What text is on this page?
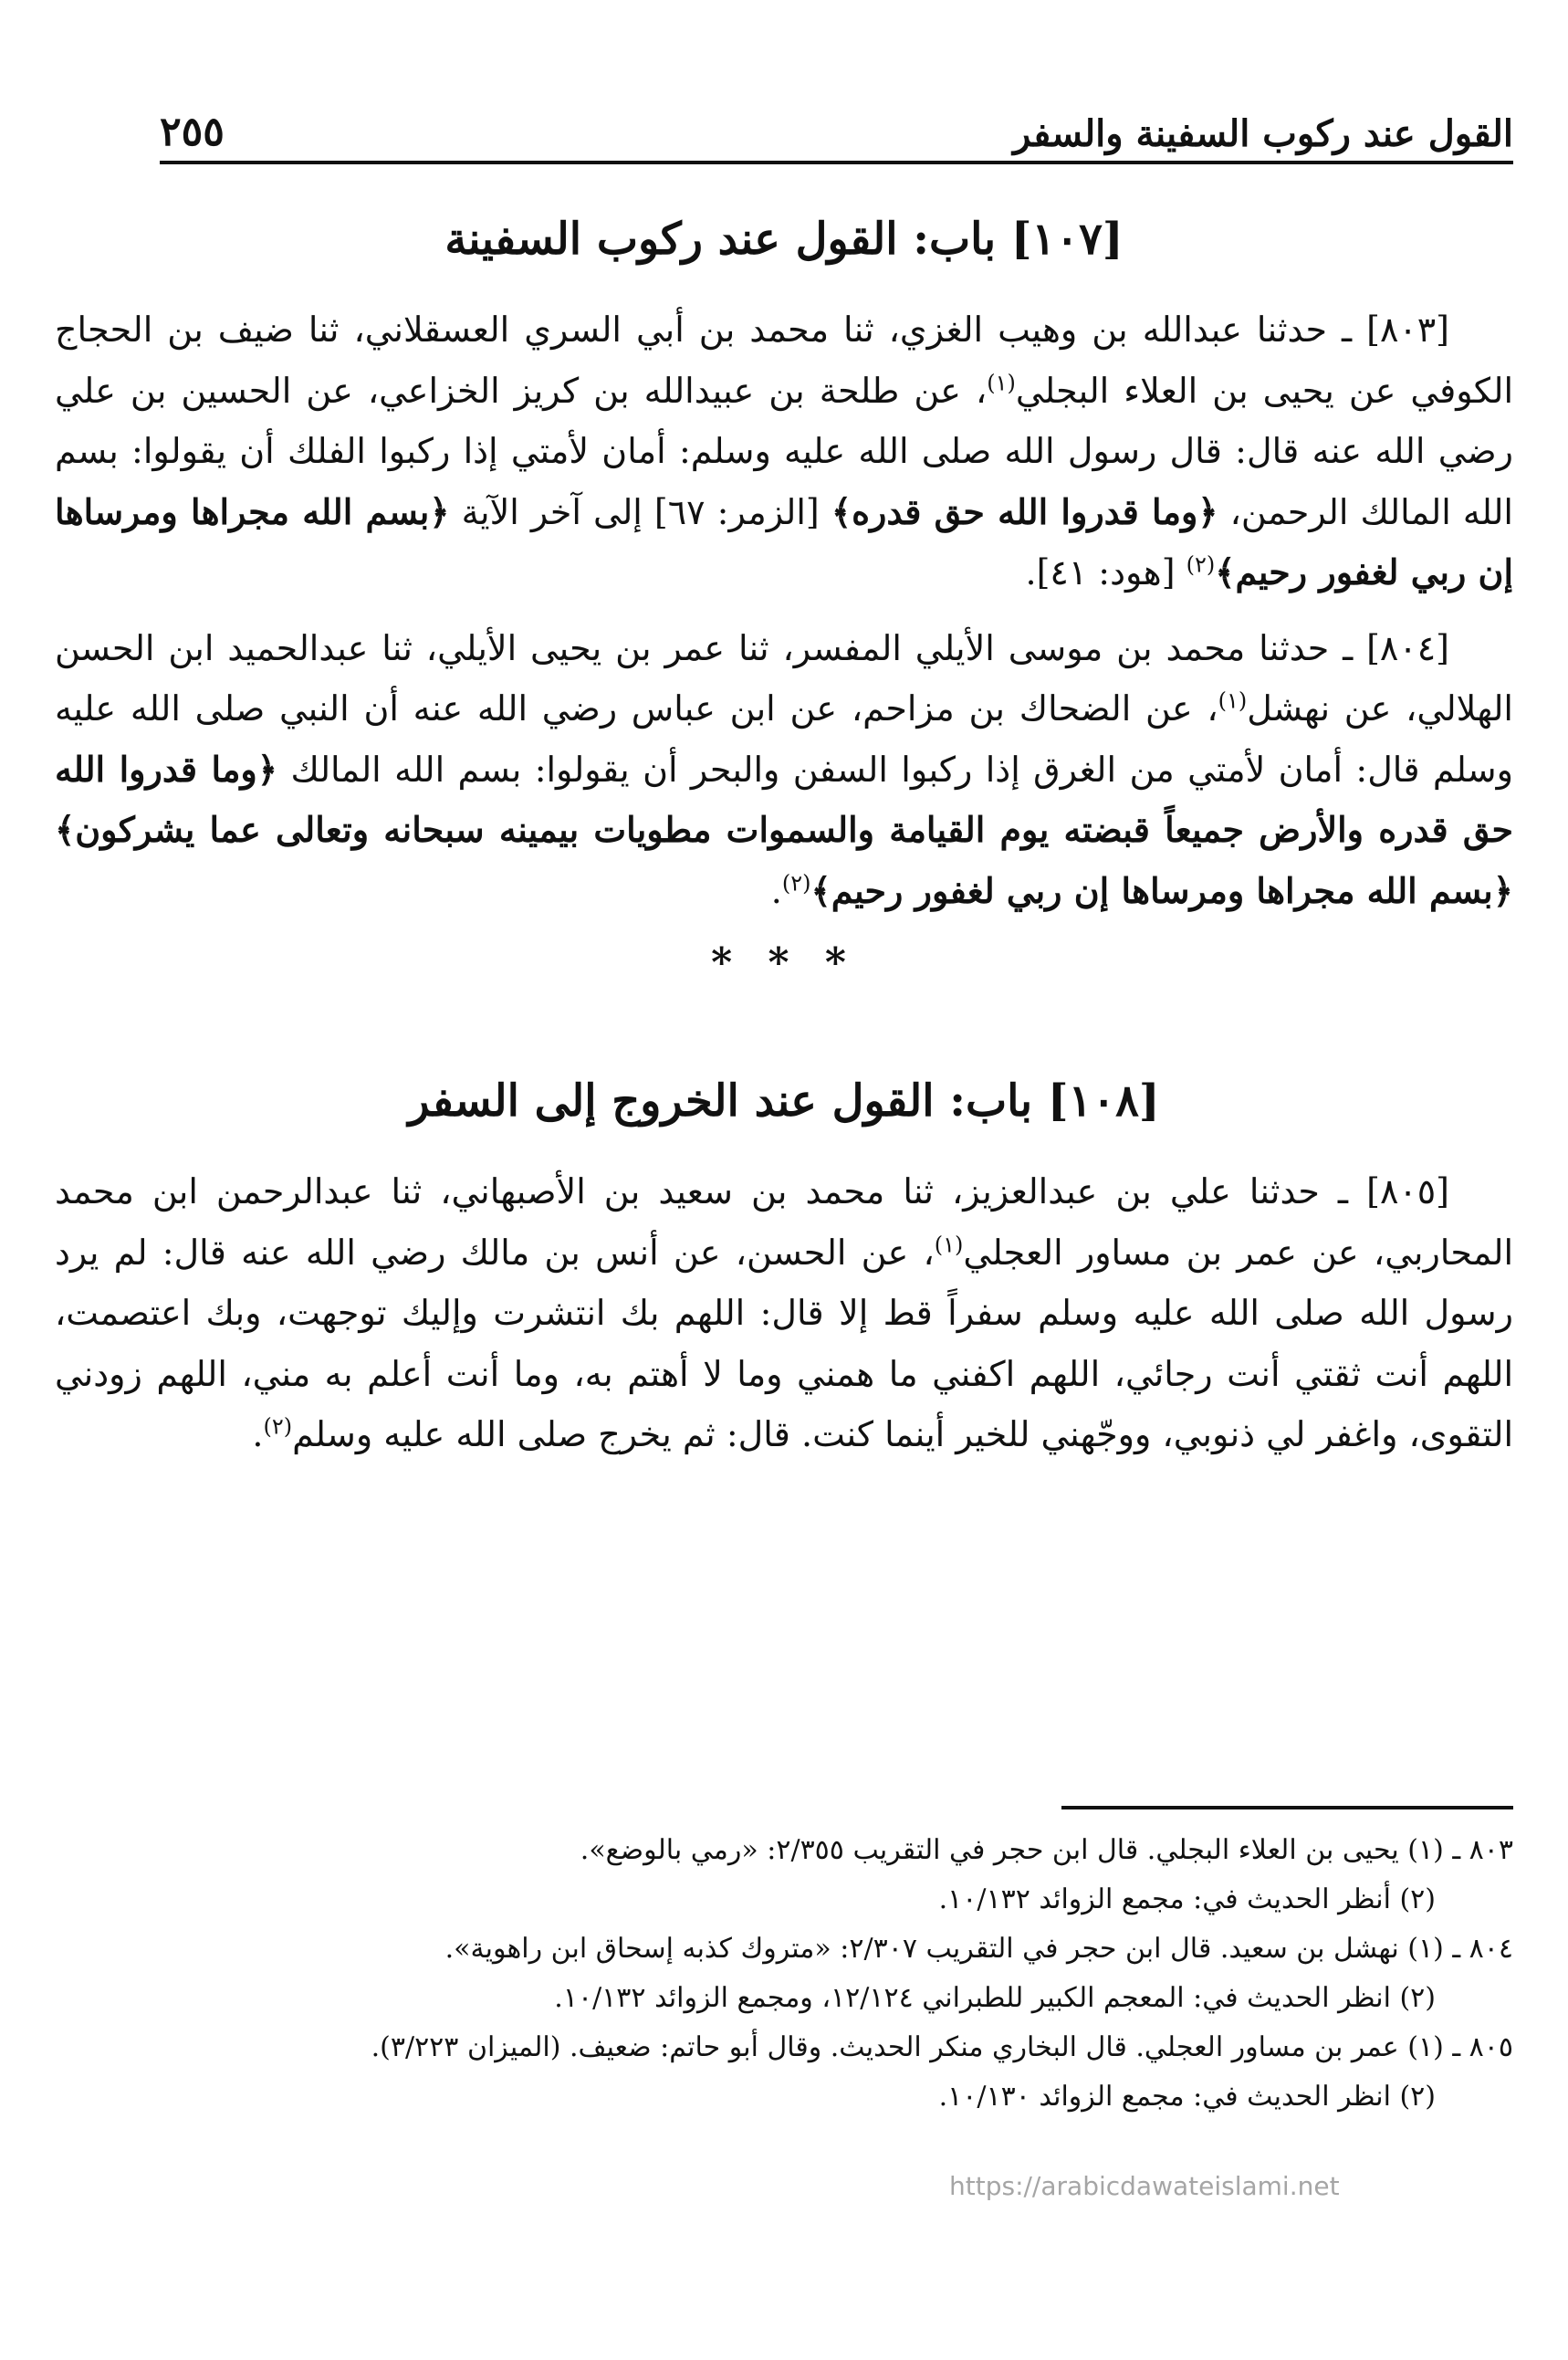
القول عند ركوب السفينة والسفر
٢٥٥
[١٠٧] باب: القول عند ركوب السفينة

[٨٠٣] ـ حدثنا عبدالله بن وهيب الغزي، ثنا محمد بن أبي السري العسقلاني، ثنا ضيف بن الحجاج الكوفي عن يحيى بن العلاء البجلي$^{(١)}$، عن طلحة بن عبيدالله بن كريز الخزاعي، عن الحسين بن علي رضي الله عنه قال: قال رسول الله صلى الله عليه وسلم: أمان لأمتي إذا ركبوا الفلك أن يقولوا: بسم الله المالك الرحمن، ﴿وما قدروا الله حق قدره﴾ [الزمر: ٦٧] إلى آخر الآية ﴿بسم الله مجراها ومرساها إن ربي لغفور رحيم﴾$^{(٢)}$ [هود: ٤١].

[٨٠٤] ـ حدثنا محمد بن موسى الأيلي المفسر، ثنا عمر بن يحيى الأيلي، ثنا عبدالحميد ابن الحسن الهلالي، عن نهشل$^{(١)}$، عن الضحاك بن مزاحم، عن ابن عباس رضي الله عنه أن النبي صلى الله عليه وسلم قال: أمان لأمتي من الغرق إذا ركبوا السفن والبحر أن يقولوا: بسم الله المالك ﴿وما قدروا الله حق قدره والأرض جميعاً قبضته يوم القيامة والسموات مطويات بيمينه سبحانه وتعالى عما يشركون﴾ ﴿بسم الله مجراها ومرساها إن ربي لغفور رحيم﴾$^{(٢)}$.

* * *
[١٠٨] باب: القول عند الخروج إلى السفر

[٨٠٥] ـ حدثنا علي بن عبدالعزيز، ثنا محمد بن سعيد بن الأصبهاني، ثنا عبدالرحمن ابن محمد المحاربي، عن عمر بن مساور العجلي$^{(١)}$، عن الحسن، عن أنس بن مالك رضي الله عنه قال: لم يرد رسول الله صلى الله عليه وسلم سفراً قط إلا قال: اللهم بك انتشرت وإليك توجهت، وبك اعتصمت، اللهم أنت ثقتي أنت رجائي، اللهم اكفني ما همني وما لا أهتم به، وما أنت أعلم به مني، اللهم زودني التقوى، واغفر لي ذنوبي، ووجّهني للخير أينما كنت. قال: ثم يخرج صلى الله عليه وسلم$^{(٢)}$.

٨٠٣ ـ (١) يحيى بن العلاء البجلي. قال ابن حجر في التقريب ٢/٣٥٥: «رمي بالوضع».

(٢) أنظر الحديث في: مجمع الزوائد ١٠/١٣٢.

٨٠٤ ـ (١) نهشل بن سعيد. قال ابن حجر في التقريب ٢/٣٠٧: «متروك كذبه إسحاق ابن راهوية».

(٢) انظر الحديث في: المعجم الكبير للطبراني ١٢/١٢٤، ومجمع الزوائد ١٠/١٣٢.

٨٠٥ ـ (١) عمر بن مساور العجلي. قال البخاري منكر الحديث. وقال أبو حاتم: ضعيف. (الميزان ٣/٢٢٣).

(٢) انظر الحديث في: مجمع الزوائد ١٠/١٣٠.

https://arabicdawateislami.net
